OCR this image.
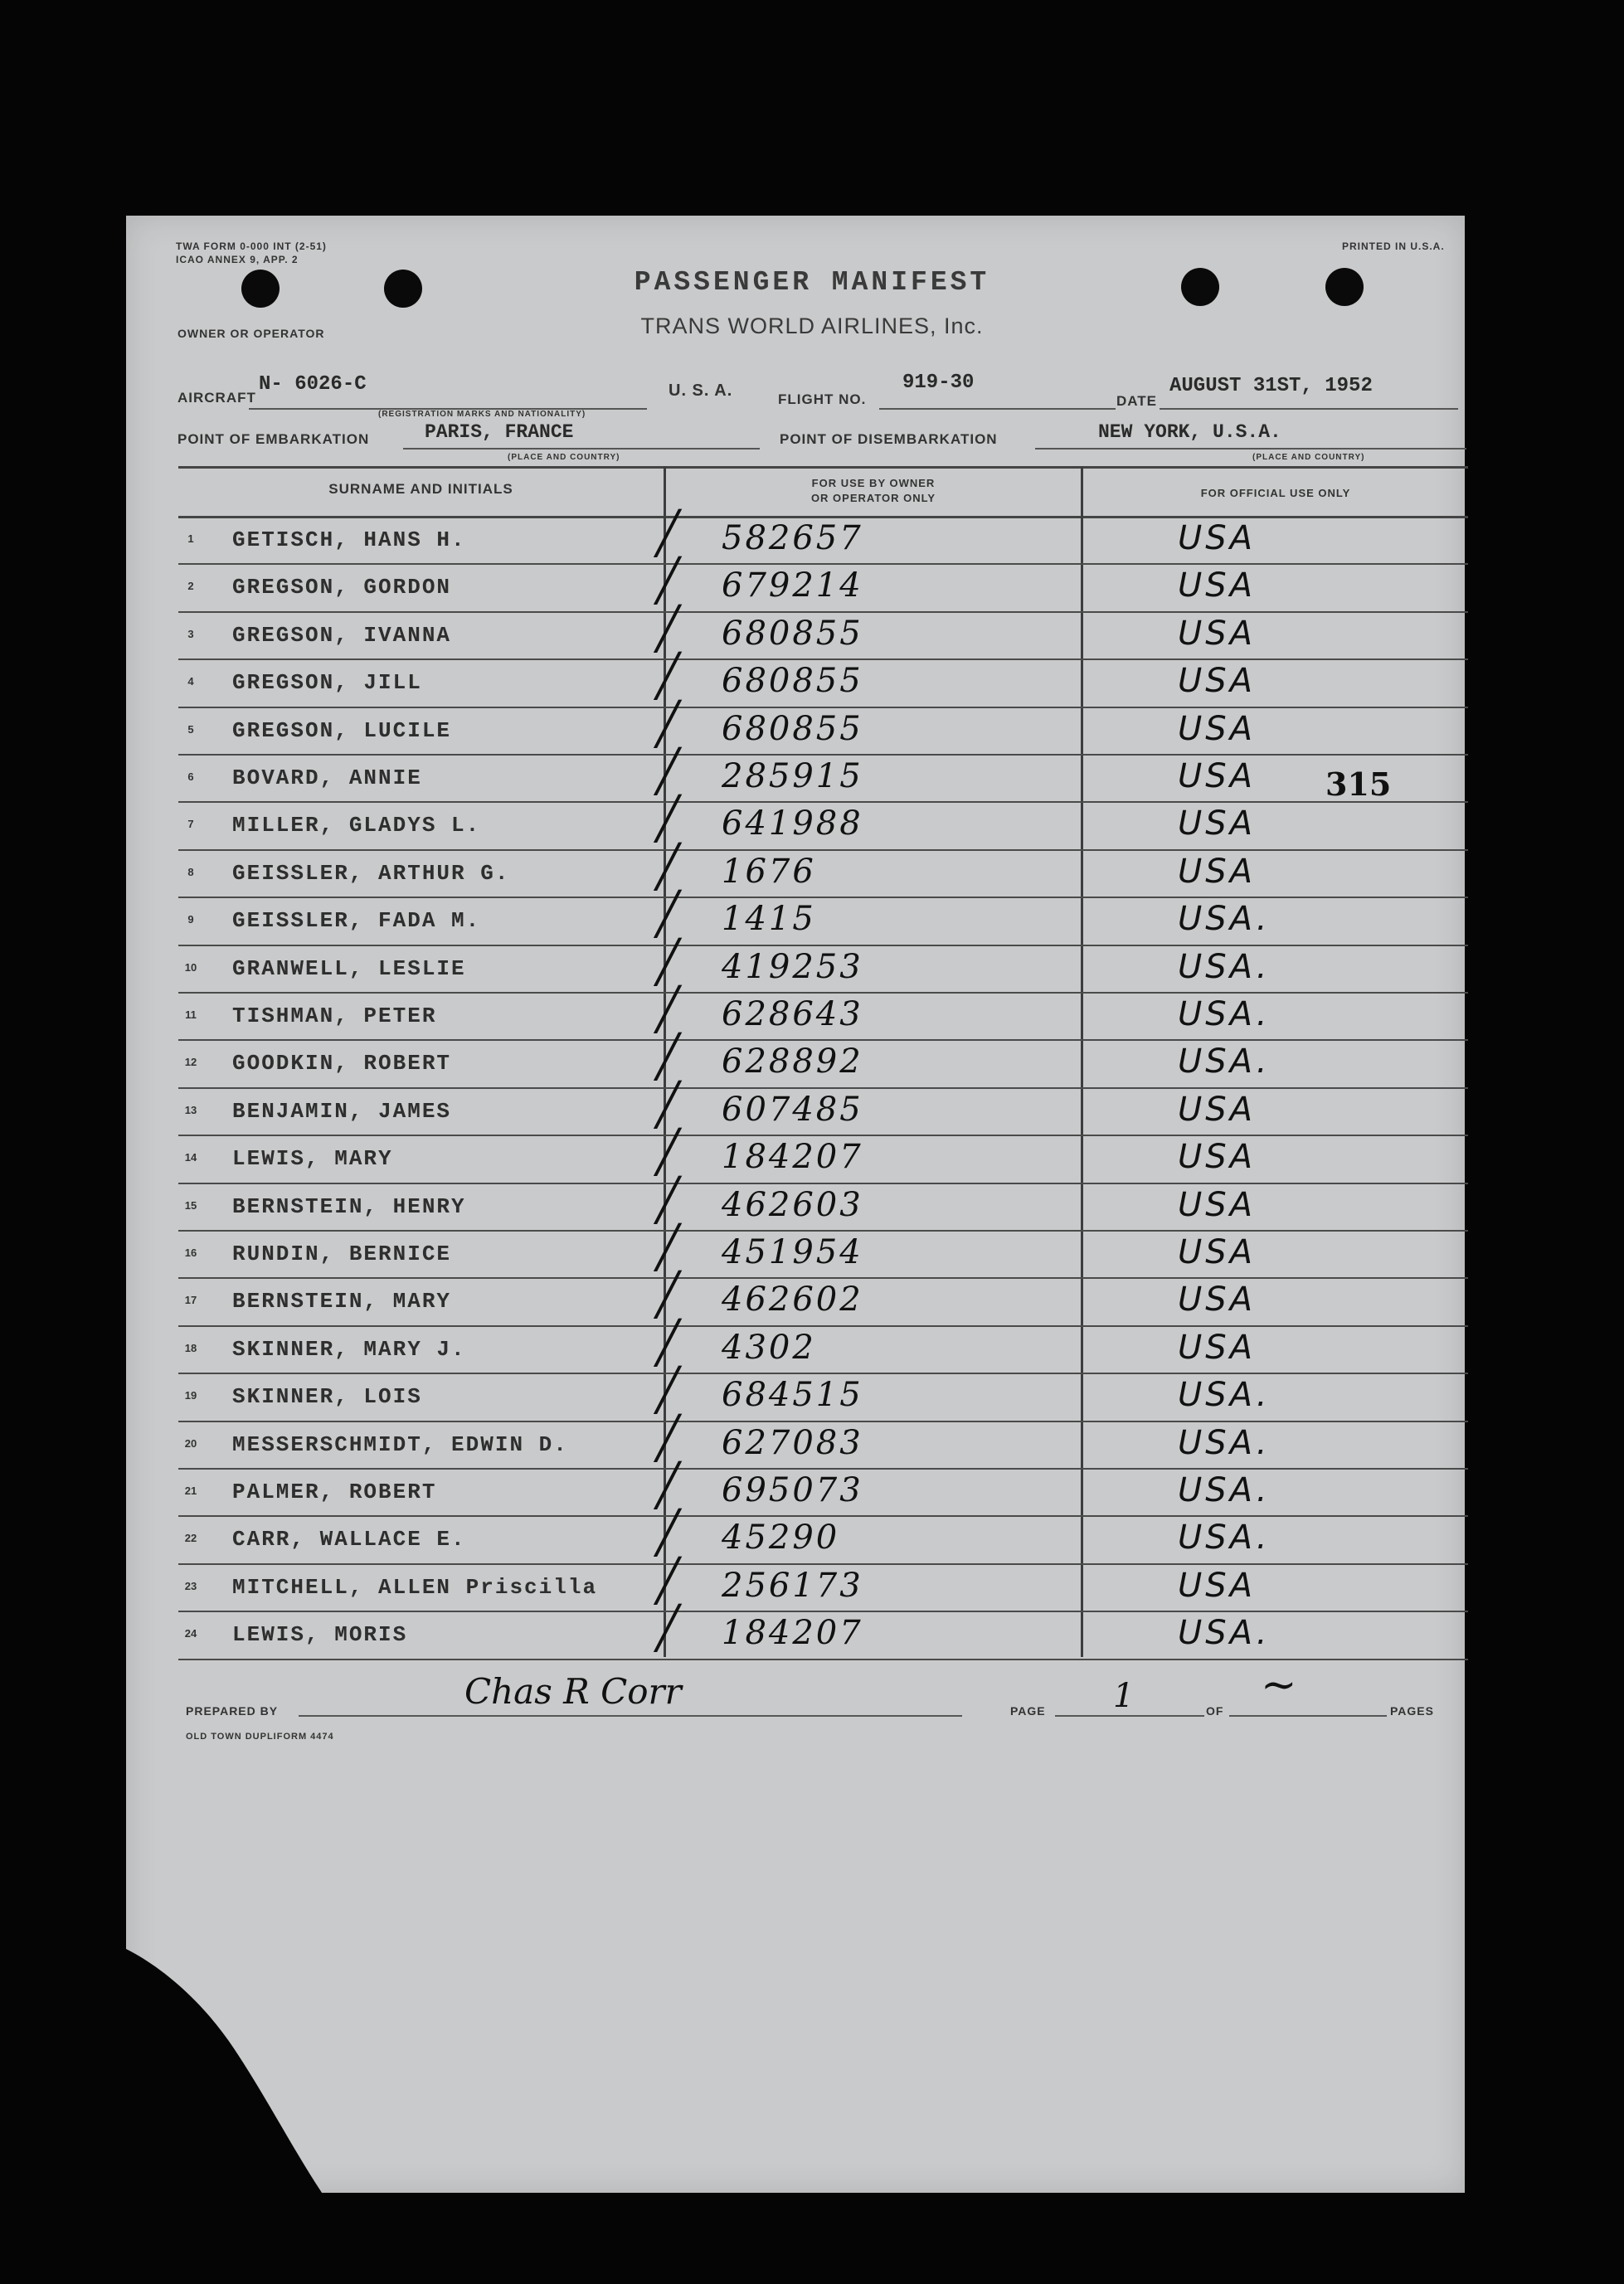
TWA FORM 0-000 INT (2-51)
ICAO ANNEX 9, APP. 2
PRINTED IN U.S.A.
OWNER OR OPERATOR
PASSENGER MANIFEST
TRANS WORLD AIRLINES, Inc.
AIRCRAFT
N- 6026-C	U. S. A.	FLIGHT NO.
919-30
DATE
AUGUST 31ST, 1952
(REGISTRATION MARKS AND NATIONALITY)
POINT OF EMBARKATION	PARIS, FRANCE
(PLACE AND COUNTRY)
POINT OF DISEMBARKATION	NEW YORK, U.S.A.
(PLACE AND COUNTRY)
SURNAME AND INITIALS	FOR USE BY OWNER
OR OPERATOR ONLY	FOR OFFICIAL USE ONLY
1	GETISCH, HANS H.	╱ 582657	USA
2	GREGSON, GORDON	╱ 679214	USA
3	GREGSON, IVANNA	╱ 680855	USA
4	GREGSON, JILL	╱ 680855	USA
5	GREGSON, LUCILE	╱ 680855	USA
6	BOVARD, ANNIE	╱ 285915	USA
7	MILLER, GLADYS L.	╱ 641988	USA
8	GEISSLER, ARTHUR G.	╱ 1676	USA
9	GEISSLER, FADA M.	╱ 1415	USA.
10 GRANWELL, LESLIE	╱ 419253	USA.
11 TISHMAN, PETER	╱ 628643	USA.
12 GOODKIN, ROBERT	╱ 628892	USA.
13 BENJAMIN, JAMES	╱ 607485	USA
14 LEWIS, MARY	╱ 184207	USA
15 BERNSTEIN, HENRY	╱ 462603	USA
16 RUNDIN, BERNICE	╱ 451954	USA
17 BERNSTEIN, MARY	╱ 462602	USA
18 SKINNER, MARY J.	╱ 4302	USA
19 SKINNER, LOIS	╱ 684515	USA.
20 MESSERSCHMIDT, EDWIN D. ╱ 627083	USA.
21 PALMER, ROBERT	╱ 695073	USA.
22 CARR, WALLACE E.	╱ 45290	USA.
23 MITCHELL, ALLEN Priscilla ╱ 256173	USA
24 LEWIS, MORIS	╱ 184207	USA.
315
PREPARED BY	Chas R Corr	PAGE 1	OF
~
PAGES
OLD TOWN DUPLIFORM 4474
